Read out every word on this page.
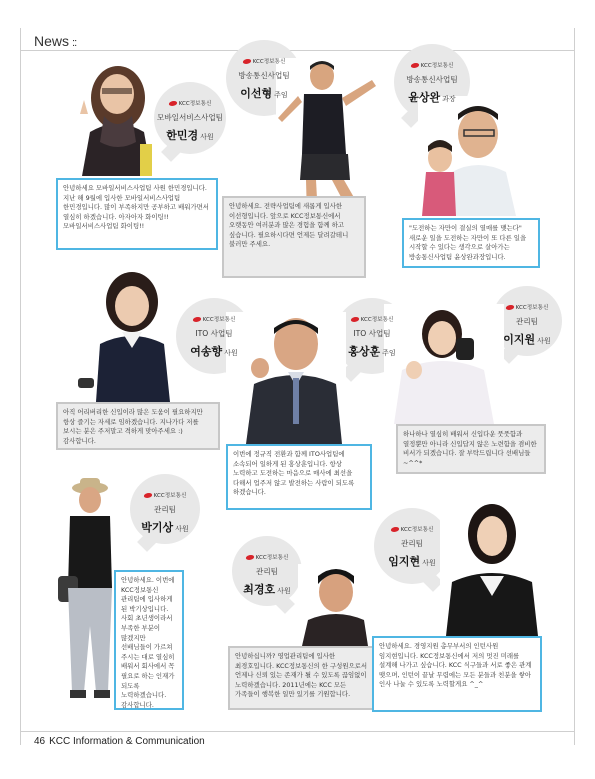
News ::
KCC정보통신
모바일서비스사업팀
한민경 사원
안녕하세요 모바일서비스사업팀 사원 한민경입니다. 지난 해 9월에 입사한 모바일서비스사업팀 한민경입니다. 많이 부족하지만 공부하고 배워가면서 열심히 하겠습니다. 아자아자 화이팅!! 모바일서비스사업팀 화이팅!!
KCC정보통신
방송통신사업팀
이선형 주임
안녕하세요. 전략사업팀에 새롭게 입사한 이선형입니다. 앞으로 KCC정보통신에서 오랫동안 여러분과 많은 경험을 함께 하고 싶습니다. 필요하시다면 언제든 달려갈테니 불러만 주세요.
KCC정보통신
방송통신사업팀
윤상완 과장
"도전하는 자만이 결실의 열매를 맺는다" 새로운 일을 도전하는 자만이 또 다른 일을 시작할 수 있다는 생각으로 살아가는 방송통신사업팀 윤상완과장입니다.
KCC정보통신
ITO 사업팀
여송향 사원
아직 어리버리한 신입이라 많은 도움이 필요하지만 항상 즐기는 자세로 임하겠습니다. 지나가다 저를 보시는 분은 주저말고 격하게 맞아주세요 :) 감사합니다.
KCC정보통신
ITO 사업팀
홍상훈 주임
이번에 정규직 전환과 함께 ITO사업팀에 소속되어 일하게 된 홍상훈입니다. 항상 노력하고 도전하는 마음으로 매사에 최선을 다해서 업주저 않고 발전하는 사람이 되도록 하겠습니다.
KCC정보통신
관리팀
이지원 사원
하나하나 열심히 배워서 신입다운 풋풋함과 열정뿐만 아니라 신입답지 않은 노련함을 겸비한 비서가 되겠습니다. 잘 부탁드립니다 선배님들~^^*
KCC정보통신
관리팀
박기상 사원
안녕하세요. 이번에 KCC정보통신 관리팀에 입사하게 된 박기상입니다. 사회 초년생이라서 부족한 부분이 많겠지만 선배님들이 가르쳐 주시는 대로 열심히 배워서 회사에서 꼭 필요로 하는 인재가 되도록 노력하겠습니다. 감사합니다.
KCC정보통신
관리팀
최경호 사원
안녕하십니까? 영업관리팀에 입사한 최경호입니다. KCC정보통신의 한 구성원으로서 언제나 신뢰 있는 존재가 될 수 있도록 끊임없이 노력하겠습니다. 2011년에는 KCC 모든 가족들이 행복한 일만 있기를 기원합니다.
KCC정보통신
관리팀
임지현 사원
안녕하세요. 경영지원 총무부서의 인턴사원 임지현입니다. KCC정보통신에서 저의 멋진 미래를 설계해 나가고 싶습니다. KCC 식구들과 서로 좋은 관계 맺으며, 인턴이 끝날 무렵에는 모든 분들과 친분을 쌓아 인사 나눌 수 있도록 노력할게요 ^_^
46 KCC Information & Communication
